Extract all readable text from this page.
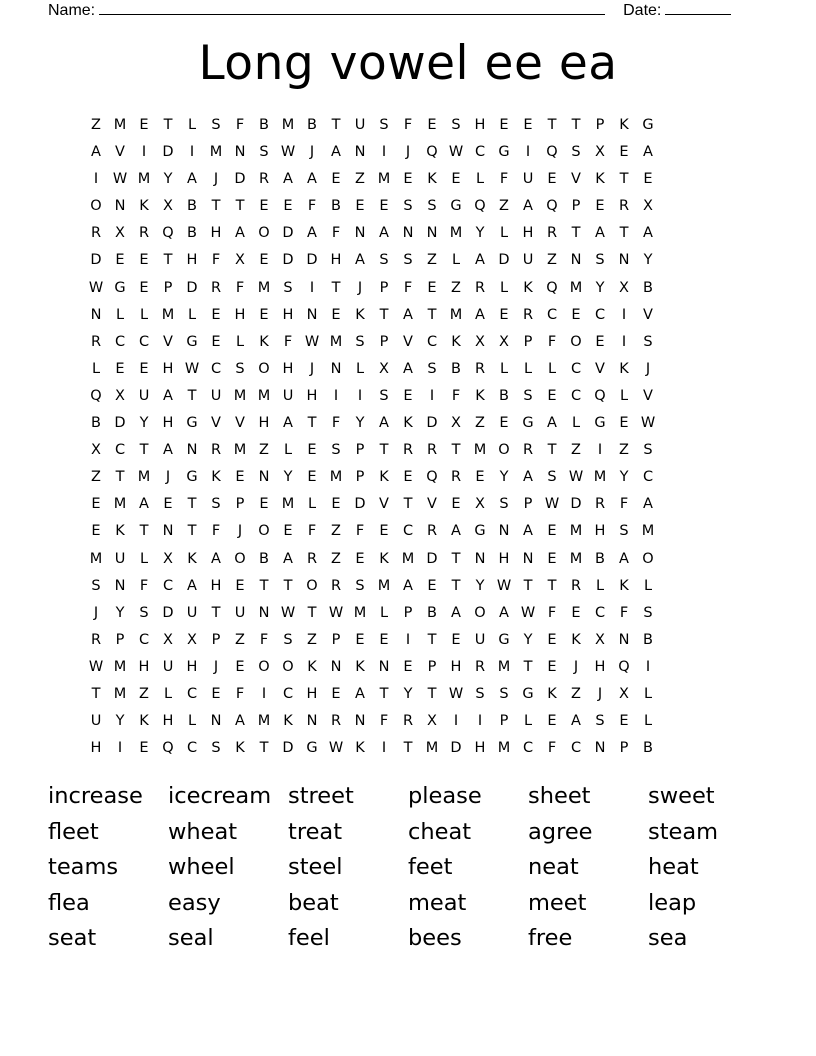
Name:	Date:
Long vowel ee ea
Z M E	T	L	S	F	B M B	T U S	F	E	S H E	E	T	T	P	K G
A V	I	D	I	M N S W	J	A N	I	J	Q W C G	I	Q S X E A
I	W M Y	A	J	D R A A E Z M E	K	E	L	F	U E V K	T	E
O N K X B	T	T	E	E	F	B E	E	S	S G Q Z A Q P	E R X
R X R Q B H A O D A	F N A N N M Y	L	H R	T	A	T	A
D E	E	T H F	X E D D H A S	S Z	L	A D U Z N S N Y
W G E	P D R	F M S	I	T	J	P	F	E Z R	L	K Q M Y	X B
N	L	L M L	E H E H N E	K	T	A	T M A E R C E C	I	V
R C C V G E	L	K	F W M S	P	V C K X X	P	F O E	I	S
L	E	E H W C S O H	J	N	L	X A S B R	L	L	L	C V K	J
Q X U A	T U M M U H	I	I	S	E	I	F	K B S	E C Q L	V
B D Y H G V V H A	T	F	Y	A K D X Z E G A	L G E W
X C	T	A N R M Z	L	E	S	P	T	R R	T M O R	T	Z	I	Z S
Z	T M	J	G K	E N Y	E M P	K	E Q R E	Y	A S W M Y	C
E M A E	T	S	P	E M L	E D V	T	V E X S	P W D R	F	A
E	K	T N T	F	J	O E	F	Z	F	E C R A G N A E M H S M
M U	L	X K A O B A R Z E	K M D T N H N E M B A O
S N F	C A H E	T	T O R S M A E	T	Y W T	T	R	L	K	L
J	Y	S D U T U N W T W M L	P	B A O A W F	E C	F	S
R	P	C X X	P	Z	F	S Z	P	E	E	I	T	E U G Y	E	K X N B
W M H U H	J	E O O K N K N E	P H R M T	E	J	H Q	I
T M Z	L	C E	F	I	C H E A	T	Y	T W S	S G K Z	J	X	L
U Y	K H	L	N A M K N R N F	R X	I	I	P	L	E A S	E	L
H	I	E Q C S	K	T D G W K	I	T M D H M C	F	C N P	B
increase	icecream street	please	sheet	sweet
fleet	wheat	treat	cheat	agree	steam
teams	wheel	steel	feet	neat	heat
flea	easy	beat	meat	meet	leap
seat	seal	feel	bees	free	sea
